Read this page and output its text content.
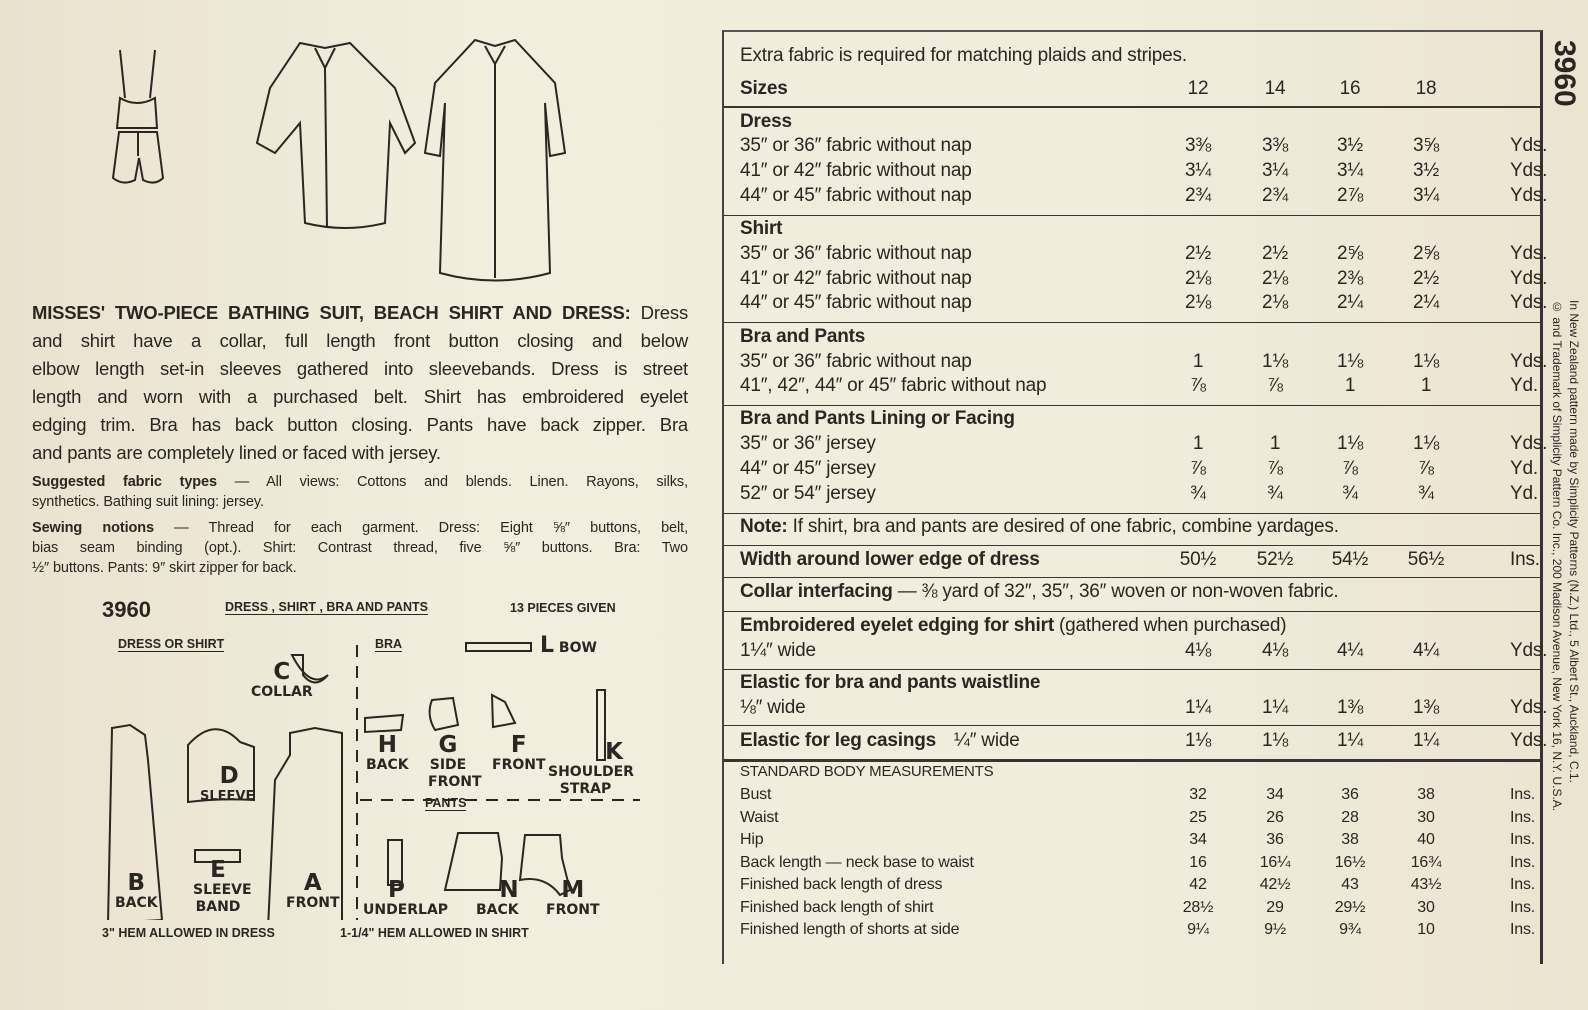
MISSES' TWO-PIECE BATHING SUIT, BEACH SHIRT AND DRESS: Dress
and shirt have a collar, full length front button closing and below
elbow length set-in sleeves gathered into sleevebands. Dress is street
length and worn with a purchased belt. Shirt has embroidered eyelet
edging trim. Bra has back button closing. Pants have back zipper. Bra
and pants are completely lined or faced with jersey.
Suggested fabric types — All views: Cottons and blends. Linen. Rayons, silks,
synthetics. Bathing suit lining: jersey.
Sewing notions — Thread for each garment. Dress: Eight ⅝″ buttons, belt,
bias seam binding (opt.). Shirt: Contrast thread, five ⅝″ buttons. Bra: Two
½″ buttons. Pants: 9″ skirt zipper for back.
3960	DRESS , SHIRT , BRA AND PANTS	13 PIECES GIVEN
DRESS OR SHIRT	BRA
PANTS
C
COLLAR
D
SLEEVE
E
SLEEVE BAND
B
BACK
A
FRONT
L BOW
H
BACK
G
SIDE FRONT
F
FRONT	K
SHOULDER STRAP
P
UNDERLAP
N
BACK
M
FRONT
3" HEM ALLOWED IN DRESS	1-1/4" HEM ALLOWED IN SHIRT
Extra fabric is required for matching plaids and stripes.
Sizes	12	14	16	18
Dress
35″ or 36″ fabric without nap	3⅜	3⅜	3½	3⅝	Yds.
41″ or 42″ fabric without nap	3¼	3¼	3¼	3½	Yds.
44″ or 45″ fabric without nap	2¾	2¾	2⅞	3¼	Yds.
Shirt
35″ or 36″ fabric without nap	2½	2½	2⅝	2⅝	Yds.
41″ or 42″ fabric without nap	2⅛	2⅛	2⅜	2½	Yds.
44″ or 45″ fabric without nap	2⅛	2⅛	2¼	2¼	Yds.
Bra and Pants
35″ or 36″ fabric without nap	1	1⅛	1⅛	1⅛	Yds.
41″, 42″, 44″ or 45″ fabric without nap	⅞	⅞	1	1	Yd.
Bra and Pants Lining or Facing
35″ or 36″ jersey	1	1	1⅛	1⅛	Yds.
44″ or 45″ jersey	⅞	⅞	⅞	⅞	Yd.
52″ or 54″ jersey	¾	¾	¾	¾	Yd.
Note: If shirt, bra and pants are desired of one fabric, combine yardages.
Width around lower edge of dress	50½	52½	54½	56½	Ins.
Collar interfacing — ⅜ yard of 32″, 35″, 36″ woven or non-woven fabric.
Embroidered eyelet edging for shirt (gathered when purchased)
1¼″ wide	4⅛	4⅛	4¼	4¼	Yds.
Elastic for bra and pants waistline
⅛″ wide	1¼	1¼	1⅜	1⅜	Yds.
Elastic for leg casings ¼″ wide	1⅛	1⅛	1¼	1¼	Yds.
STANDARD BODY MEASUREMENTS
Bust	32	34	36	38	Ins.
Waist	25	26	28	30	Ins.
Hip	34	36	38	40	Ins.
Back length — neck base to waist	16	16¼	16½	16¾	Ins.
Finished back length of dress	42	42½	43	43½	Ins.
Finished back length of shirt	28½	29	29½	30	Ins.
Finished length of shorts at side	9¼	9½	9¾	10	Ins.
3960
In New Zealand pattern made by Simplicity Patterns (N.Z.) Ltd., 5 Albert St., Auckland, C.1.
© and Trademark of Simplicity Pattern Co. Inc., 200 Madison Avenue, New York 16, N.Y. U.S.A.
